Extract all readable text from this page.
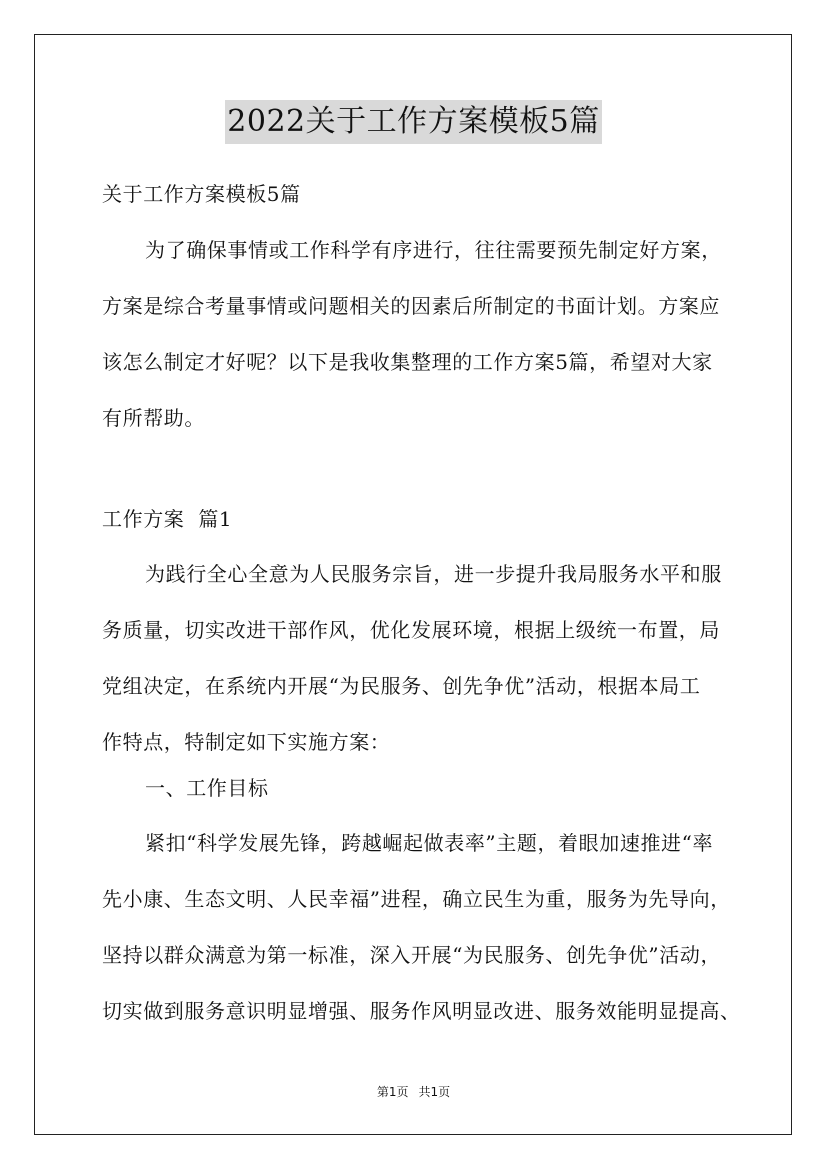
2022关于工作方案模板5篇
关于工作方案模板5篇
为了确保事情或工作科学有序进行，往往需要预先制定好方案，
方案是综合考量事情或问题相关的因素后所制定的书面计划。方案应
该怎么制定才好呢？以下是我收集整理的工作方案5篇，希望对大家
有所帮助。
工作方案  篇1
为践行全心全意为人民服务宗旨，进一步提升我局服务水平和服
务质量，切实改进干部作风，优化发展环境，根据上级统一布置，局
党组决定，在系统内开展“为民服务、创先争优”活动，根据本局工
作特点，特制定如下实施方案：
一、工作目标
紧扣“科学发展先锋，跨越崛起做表率”主题，着眼加速推进“率
先小康、生态文明、人民幸福”进程，确立民生为重，服务为先导向，
坚持以群众满意为第一标准，深入开展“为民服务、创先争优”活动，
切实做到服务意识明显增强、服务作风明显改进、服务效能明显提高、
第1页 共1页
